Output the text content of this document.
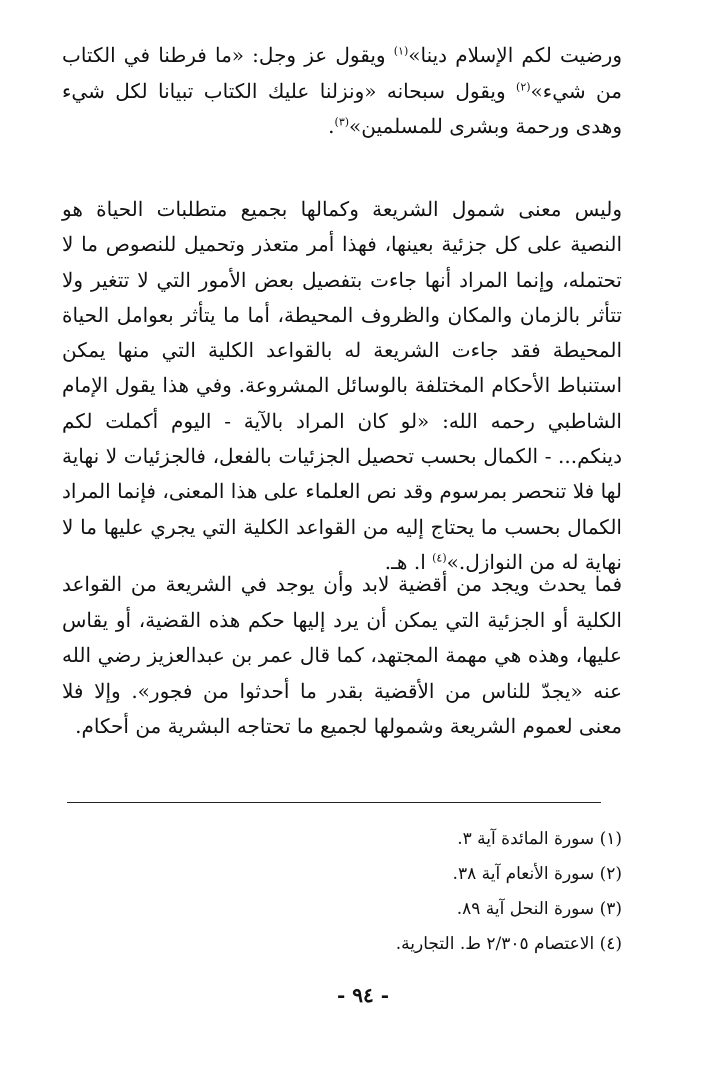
ورضيت لكم الإسلام دينا»$^{(١)}$ ويقول عز وجل: «ما فرطنا في الكتاب من شيء»$^{(٢)}$ ويقول سبحانه «ونزلنا عليك الكتاب تبيانا لكل شيء وهدى ورحمة وبشرى للمسلمين»$^{(٣)}$.

وليس معنى شمول الشريعة وكمالها بجميع متطلبات الحياة هو النصية على كل جزئية بعينها، فهذا أمر متعذر وتحميل للنصوص ما لا تحتمله، وإنما المراد أنها جاءت بتفصيل بعض الأمور التي لا تتغير ولا تتأثر بالزمان والمكان والظروف المحيطة، أما ما يتأثر بعوامل الحياة المحيطة فقد جاءت الشريعة له بالقواعد الكلية التي منها يمكن استنباط الأحكام المختلفة بالوسائل المشروعة. وفي هذا يقول الإمام الشاطبي رحمه الله: «لو كان المراد بالآية - اليوم أكملت لكم دينكم... - الكمال بحسب تحصيل الجزئيات بالفعل، فالجزئيات لا نهاية لها فلا تنحصر بمرسوم وقد نص العلماء على هذا المعنى، فإنما المراد الكمال بحسب ما يحتاج إليه من القواعد الكلية التي يجري عليها ما لا نهاية له من النوازل.»$^{(٤)}$ ا. هـ.

فما يحدث ويجد من أقضية لابد وأن يوجد في الشريعة من القواعد الكلية أو الجزئية التي يمكن أن يرد إليها حكم هذه القضية، أو يقاس عليها، وهذه هي مهمة المجتهد، كما قال عمر بن عبدالعزيز رضي الله عنه «يجدّ للناس من الأقضية بقدر ما أحدثوا من فجور». وإلا فلا معنى لعموم الشريعة وشمولها لجميع ما تحتاجه البشرية من أحكام.

(١) سورة المائدة آية ٣.
(٢) سورة الأنعام آية ٣٨.
(٣) سورة النحل آية ٨٩.
(٤) الاعتصام ٢/٣٠٥ ط. التجارية.
- ٩٤ -
